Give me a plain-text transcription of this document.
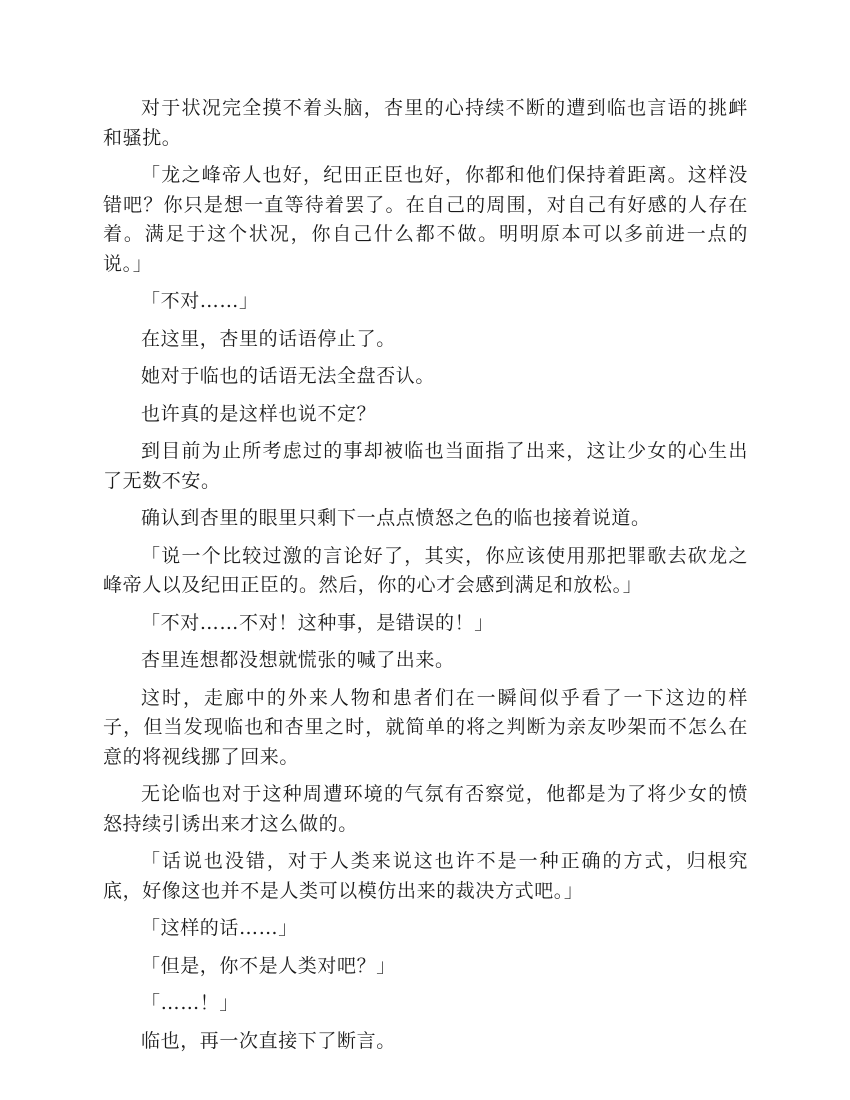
对于状况完全摸不着头脑，杏里的心持续不断的遭到临也言语的挑衅和骚扰。

「龙之峰帝人也好，纪田正臣也好，你都和他们保持着距离。这样没错吧？你只是想一直等待着罢了。在自己的周围，对自己有好感的人存在着。满足于这个状况，你自己什么都不做。明明原本可以多前进一点的说。」

「不对……」

在这里，杏里的话语停止了。

她对于临也的话语无法全盘否认。

也许真的是这样也说不定？

到目前为止所考虑过的事却被临也当面指了出来，这让少女的心生出了无数不安。

确认到杏里的眼里只剩下一点点愤怒之色的临也接着说道。

「说一个比较过激的言论好了，其实，你应该使用那把罪歌去砍龙之峰帝人以及纪田正臣的。然后，你的心才会感到满足和放松。」

「不对……不对！这种事，是错误的！」

杏里连想都没想就慌张的喊了出来。

这时，走廊中的外来人物和患者们在一瞬间似乎看了一下这边的样子，但当发现临也和杏里之时，就简单的将之判断为亲友吵架而不怎么在意的将视线挪了回来。

无论临也对于这种周遭环境的气氛有否察觉，他都是为了将少女的愤怒持续引诱出来才这么做的。

「话说也没错，对于人类来说这也许不是一种正确的方式，归根究底，好像这也并不是人类可以模仿出来的裁决方式吧。」

「这样的话……」

「但是，你不是人类对吧？」

「……！」

临也，再一次直接下了断言。
